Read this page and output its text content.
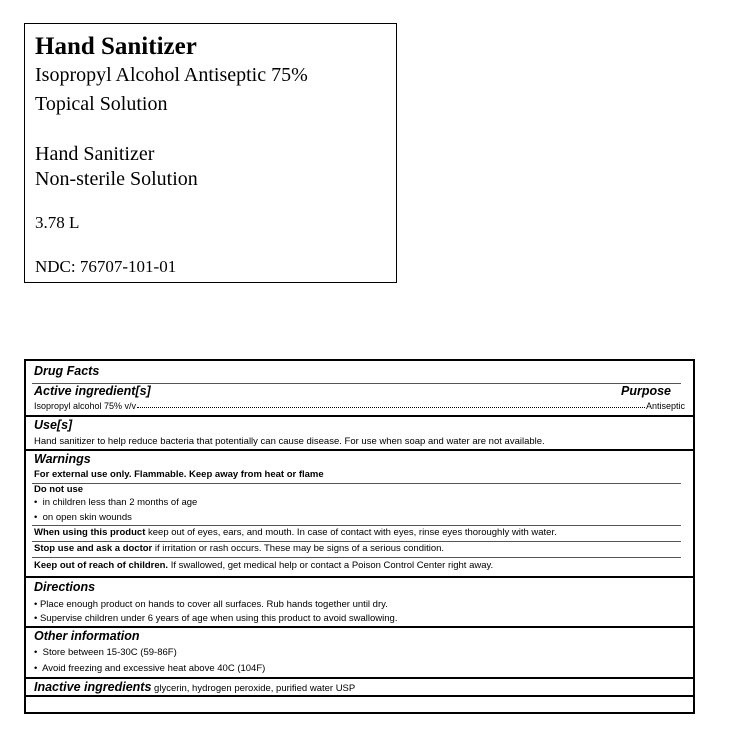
Hand Sanitizer
Isopropyl Alcohol Antiseptic 75%
Topical Solution
Hand Sanitizer
Non-sterile Solution
3.78 L
NDC: 76707-101-01
Drug Facts
Active ingredient[s]	Purpose
Isopropyl alcohol 75% v/v	Antiseptic
Use[s]
Hand sanitizer to help reduce bacteria that potentially can cause disease. For use when soap and water are not available.
Warnings
For external use only. Flammable. Keep away from heat or flame
Do not use
•  in children less than 2 months of age
•  on open skin wounds
When using this product keep out of eyes, ears, and mouth. In case of contact with eyes, rinse eyes thoroughly with water.
Stop use and ask a doctor if irritation or rash occurs. These may be signs of a serious condition.
Keep out of reach of children. If swallowed, get medical help or contact a Poison Control Center right away.
Directions
• Place enough product on hands to cover all surfaces. Rub hands together until dry.
• Supervise children under 6 years of age when using this product to avoid swallowing.
Other information
•  Store between 15-30C (59-86F)
•  Avoid freezing and excessive heat above 40C (104F)
Inactive ingredients glycerin, hydrogen peroxide, purified water USP
